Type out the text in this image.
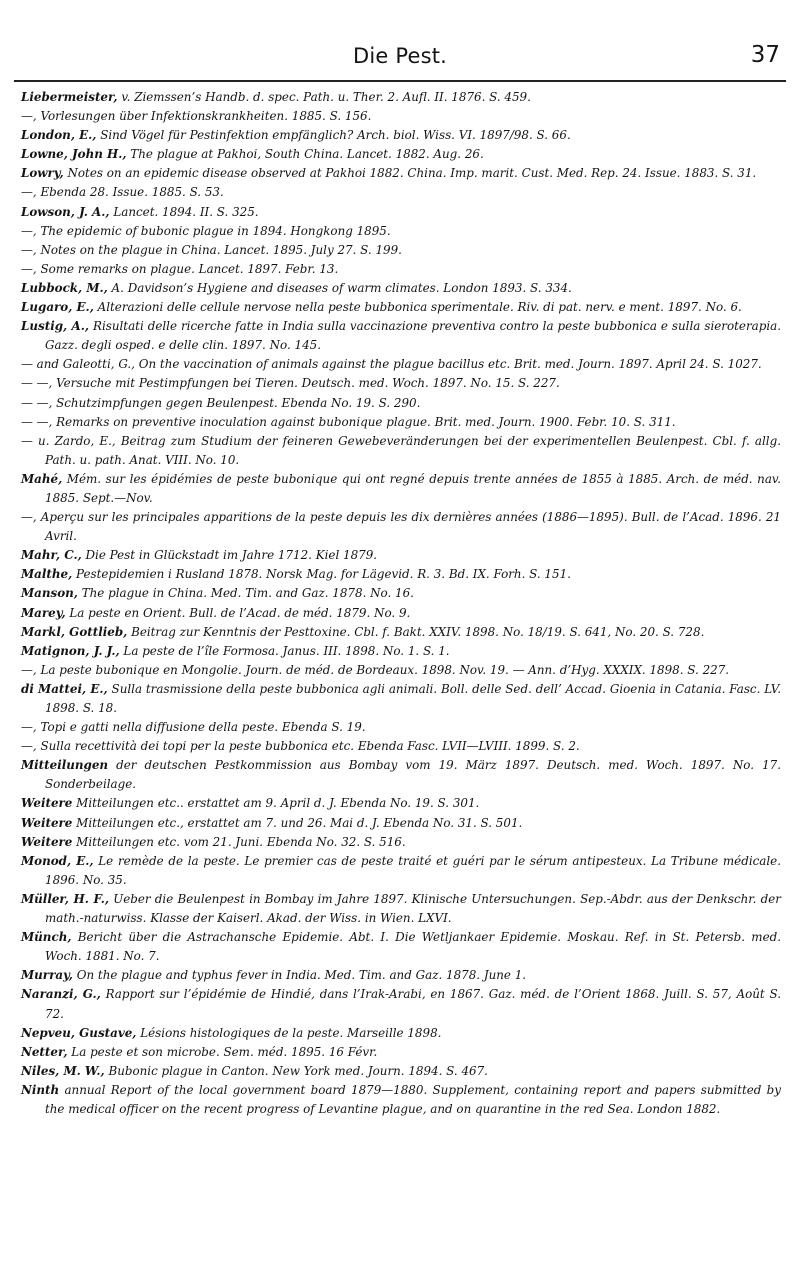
Die Pest.	37
Liebermeister, v. Ziemssen’s Handb. d. spec. Path. u. Ther. 2. Aufl. II. 1876. S. 459.
—, Vorlesungen über Infektionskrankheiten. 1885. S. 156.
London, E., Sind Vögel für Pestinfektion empfänglich? Arch. biol. Wiss. VI. 1897/98. S. 66.
Lowne, John H., The plague at Pakhoi, South China. Lancet. 1882. Aug. 26.
Lowry, Notes on an epidemic disease observed at Pakhoi 1882. China. Imp. marit. Cust. Med. Rep. 24. Issue. 1883. S. 31.
—, Ebenda 28. Issue. 1885. S. 53.
Lowson, J. A., Lancet. 1894. II. S. 325.
—, The epidemic of bubonic plague in 1894. Hongkong 1895.
—, Notes on the plague in China. Lancet. 1895. July 27. S. 199.
—, Some remarks on plague. Lancet. 1897. Febr. 13.
Lubbock, M., A. Davidson’s Hygiene and diseases of warm climates. London 1893. S. 334.
Lugaro, E., Alterazioni delle cellule nervose nella peste bubbonica sperimentale. Riv. di pat. nerv. e ment. 1897. No. 6.
Lustig, A., Risultati delle ricerche fatte in India sulla vaccinazione preventiva contro la peste bubbonica e sulla sieroterapia. Gazz. degli osped. e delle clin. 1897. No. 145.
— and Galeotti, G., On the vaccination of animals against the plague bacillus etc. Brit. med. Journ. 1897. April 24. S. 1027.
— —, Versuche mit Pestimpfungen bei Tieren. Deutsch. med. Woch. 1897. No. 15. S. 227.
— —, Schutzimpfungen gegen Beulenpest. Ebenda No. 19. S. 290.
— —, Remarks on preventive inoculation against bubonique plague. Brit. med. Journ. 1900. Febr. 10. S. 311.
— u. Zardo, E., Beitrag zum Studium der feineren Gewebeveränderungen bei der experimentellen Beulenpest. Cbl. f. allg. Path. u. path. Anat. VIII. No. 10.
Mahé, Mém. sur les épidémies de peste bubonique qui ont regné depuis trente années de 1855 à 1885. Arch. de méd. nav. 1885. Sept.—Nov.
—, Aperçu sur les principales apparitions de la peste depuis les dix dernières années (1886—1895). Bull. de l’Acad. 1896. 21 Avril.
Mahr, C., Die Pest in Glückstadt im Jahre 1712. Kiel 1879.
Malthe, Pestepidemien i Rusland 1878. Norsk Mag. for Lägevid. R. 3. Bd. IX. Forh. S. 151.
Manson, The plague in China. Med. Tim. and Gaz. 1878. No. 16.
Marey, La peste en Orient. Bull. de l’Acad. de méd. 1879. No. 9.
Markl, Gottlieb, Beitrag zur Kenntnis der Pesttoxine. Cbl. f. Bakt. XXIV. 1898. No. 18/19. S. 641, No. 20. S. 728.
Matignon, J. J., La peste de l’île Formosa. Janus. III. 1898. No. 1. S. 1.
—, La peste bubonique en Mongolie. Journ. de méd. de Bordeaux. 1898. Nov. 19. — Ann. d’Hyg. XXXIX. 1898. S. 227.
di Mattei, E., Sulla trasmissione della peste bubbonica agli animali. Boll. delle Sed. dell’ Accad. Gioenia in Catania. Fasc. LV. 1898. S. 18.
—, Topi e gatti nella diffusione della peste. Ebenda S. 19.
—, Sulla recettività dei topi per la peste bubbonica etc. Ebenda Fasc. LVII—LVIII. 1899. S. 2.
Mitteilungen der deutschen Pestkommission aus Bombay vom 19. März 1897. Deutsch. med. Woch. 1897. No. 17. Sonderbeilage.
Weitere Mitteilungen etc.. erstattet am 9. April d. J. Ebenda No. 19. S. 301.
Weitere Mitteilungen etc., erstattet am 7. und 26. Mai d. J. Ebenda No. 31. S. 501.
Weitere Mitteilungen etc. vom 21. Juni. Ebenda No. 32. S. 516.
Monod, E., Le remède de la peste. Le premier cas de peste traité et guéri par le sérum antipesteux. La Tribune médicale. 1896. No. 35.
Müller, H. F., Ueber die Beulenpest in Bombay im Jahre 1897. Klinische Untersuchungen. Sep.-Abdr. aus der Denkschr. der math.-naturwiss. Klasse der Kaiserl. Akad. der Wiss. in Wien. LXVI.
Münch, Bericht über die Astrachansche Epidemie. Abt. I. Die Wetljankaer Epidemie. Moskau. Ref. in St. Petersb. med. Woch. 1881. No. 7.
Murray, On the plague and typhus fever in India. Med. Tim. and Gaz. 1878. June 1.
Naranzi, G., Rapport sur l’épidémie de Hindié, dans l’Irak-Arabi, en 1867. Gaz. méd. de l’Orient 1868. Juill. S. 57, Août S. 72.
Nepveu, Gustave, Lésions histologiques de la peste. Marseille 1898.
Netter, La peste et son microbe. Sem. méd. 1895. 16 Févr.
Niles, M. W., Bubonic plague in Canton. New York med. Journ. 1894. S. 467.
Ninth annual Report of the local government board 1879—1880. Supplement, containing report and papers submitted by the medical officer on the recent progress of Levantine plague, and on quarantine in the red Sea. London 1882.
